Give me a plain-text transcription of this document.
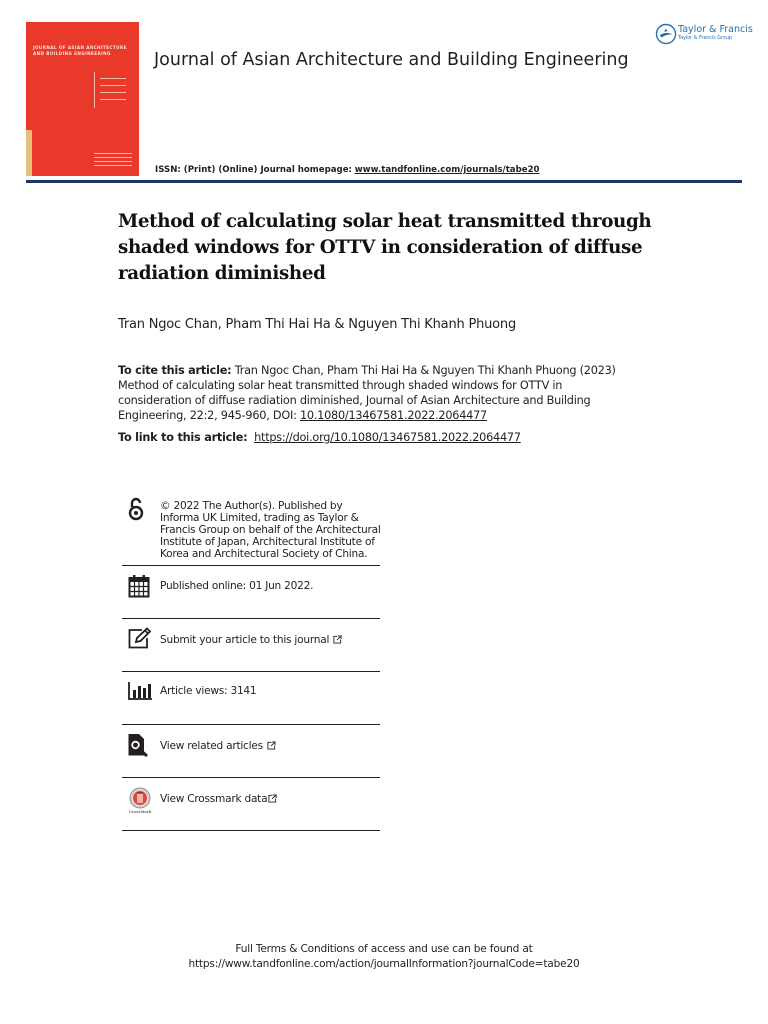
JOURNAL OF ASIAN ARCHITECTURE AND BUILDING ENGINEERING	Journal of Asian Architecture and Building Engineering
Taylor & Francis
Taylor & Francis Group
ISSN: (Print) (Online) Journal homepage: www.tandfonline.com/journals/tabe20
Method of calculating solar heat transmitted through shaded windows for OTTV in consideration of diffuse radiation diminished
Tran Ngoc Chan, Pham Thi Hai Ha & Nguyen Thi Khanh Phuong
To cite this article: Tran Ngoc Chan, Pham Thi Hai Ha & Nguyen Thi Khanh Phuong (2023) Method of calculating solar heat transmitted through shaded windows for OTTV in consideration of diffuse radiation diminished, Journal of Asian Architecture and Building Engineering, 22:2, 945-960, DOI: 10.1080/13467581.2022.2064477
To link to this article: https://doi.org/10.1080/13467581.2022.2064477
© 2022 The Author(s). Published by Informa UK Limited, trading as Taylor & Francis Group on behalf of the Architectural Institute of Japan, Architectural Institute of Korea and Architectural Society of China.
Published online: 01 Jun 2022.
Submit your article to this journal
Article views: 3141
View related articles
CrossMark
View Crossmark data
Full Terms & Conditions of access and use can be found at
https://www.tandfonline.com/action/journalInformation?journalCode=tabe20
